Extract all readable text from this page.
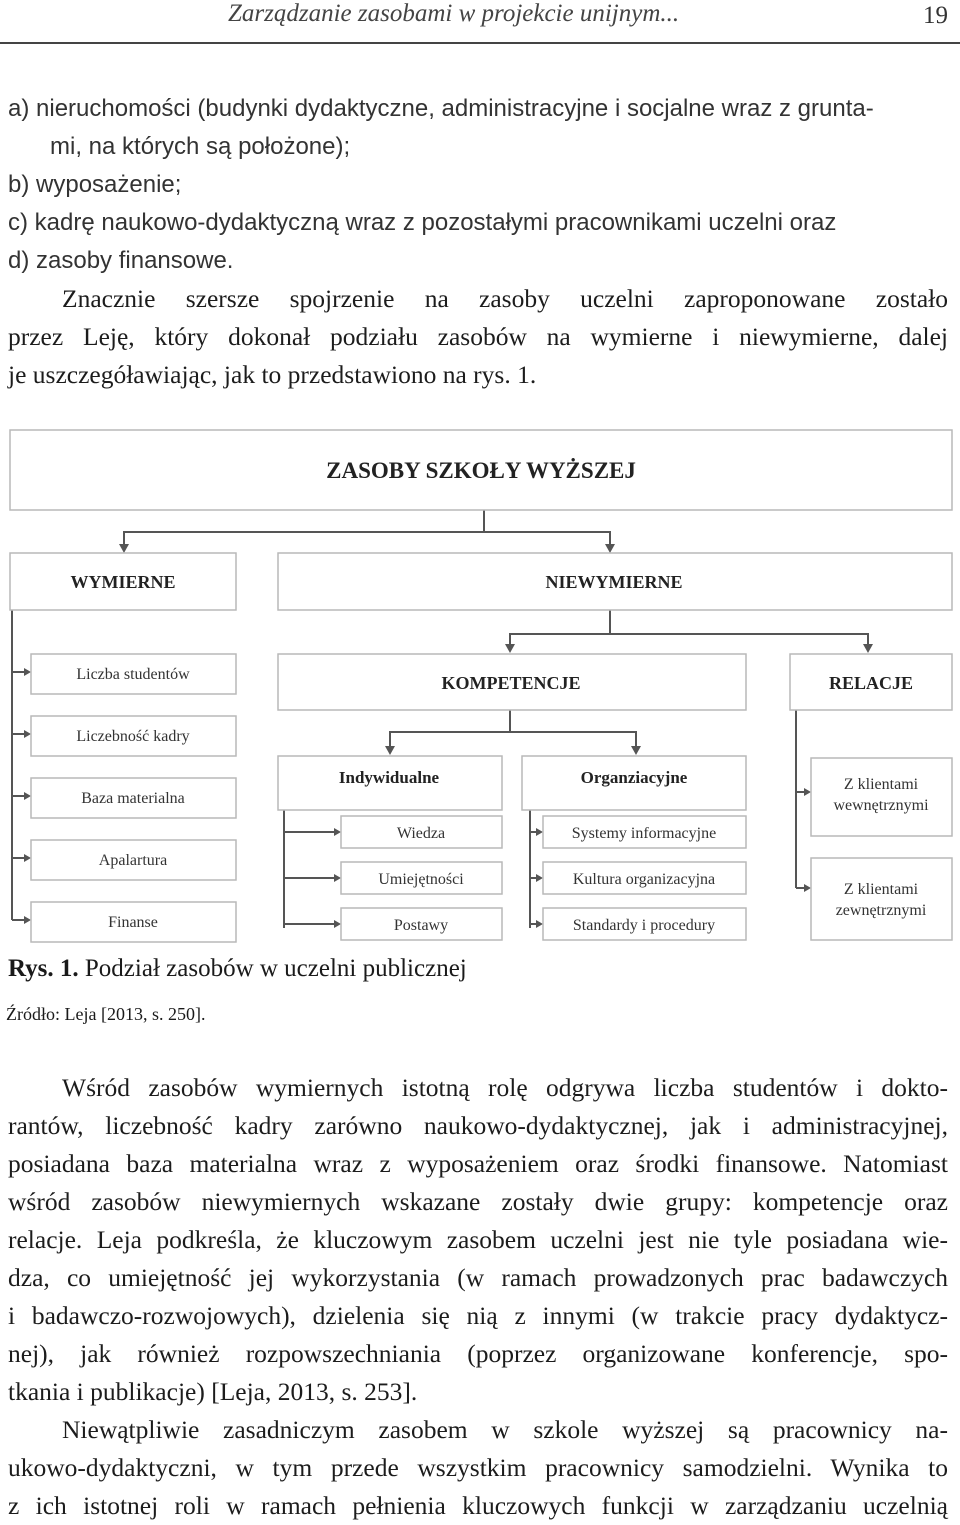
Zarządzanie zasobami w projekcie unijnym...	19
a) nieruchomości (budynki dydaktyczne, administracyjne i socjalne wraz z grunta-
mi, na których są położone);
b) wyposażenie;
c) kadrę naukowo-dydaktyczną wraz z pozostałymi pracownikami uczelni oraz
d) zasoby finansowe.
Znacznie szersze spojrzenie na zasoby uczelni zaproponowane zostało
przez Leję, który dokonał podziału zasobów na wymierne i niewymierne, dalej
je uszczegóławiając, jak to przedstawiono na rys. 1.
ZASOBY SZKOŁY WYŻSZEJ
WYMIERNE	NIEWYMIERNE
Liczba studentów
Liczebność kadry
Baza materialna
Apalartura
Finanse
KOMPETENCJE	RELACJE
Indywidualne	Organziacyjne
Wiedza
Umiejętności
Postawy
Systemy informacyjne
Kultura organizacyjna
Standardy i procedury
Z klientami
wewnętrznymi
Z klientami
zewnętrznymi
Rys. 1. Podział zasobów w uczelni publicznej
Źródło: Leja [2013, s. 250].
Wśród zasobów wymiernych istotną rolę odgrywa liczba studentów i dokto-
rantów, liczebność kadry zarówno naukowo-dydaktycznej, jak i administracyjnej,
posiadana baza materialna wraz z wyposażeniem oraz środki finansowe. Natomiast
wśród zasobów niewymiernych wskazane zostały dwie grupy: kompetencje oraz
relacje. Leja podkreśla, że kluczowym zasobem uczelni jest nie tyle posiadana wie-
dza, co umiejętność jej wykorzystania (w ramach prowadzonych prac badawczych
i badawczo-rozwojowych), dzielenia się nią z innymi (w trakcie pracy dydaktycz-
nej), jak również rozpowszechniania (poprzez organizowane konferencje, spo-
tkania i publikacje) [Leja, 2013, s. 253].
Niewątpliwie zasadniczym zasobem w szkole wyższej są pracownicy na-
ukowo-dydaktyczni, w tym przede wszystkim pracownicy samodzielni. Wynika to
z ich istotnej roli w ramach pełnienia kluczowych funkcji w zarządzaniu uczelnią
